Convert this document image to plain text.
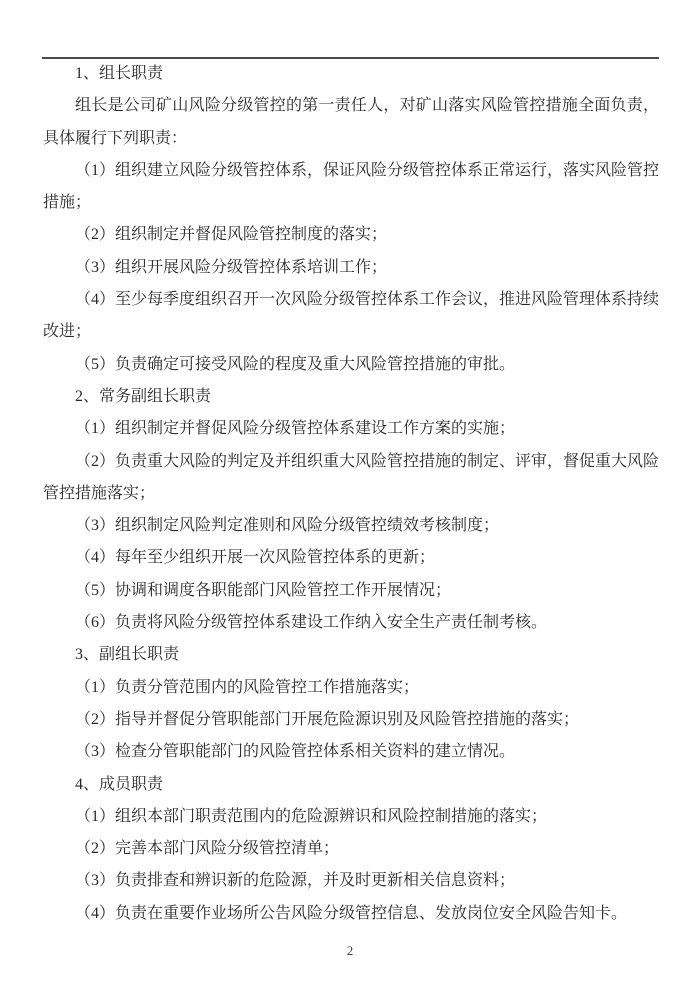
1、组长职责

组长是公司矿山风险分级管控的第一责任人，对矿山落实风险管控措施全面负责，具体履行下列职责：

（1）组织建立风险分级管控体系，保证风险分级管控体系正常运行，落实风险管控措施；

（2）组织制定并督促风险管控制度的落实；

（3）组织开展风险分级管控体系培训工作；

（4）至少每季度组织召开一次风险分级管控体系工作会议，推进风险管理体系持续改进；

（5）负责确定可接受风险的程度及重大风险管控措施的审批。

2、常务副组长职责

（1）组织制定并督促风险分级管控体系建设工作方案的实施；

（2）负责重大风险的判定及并组织重大风险管控措施的制定、评审，督促重大风险管控措施落实；

（3）组织制定风险判定准则和风险分级管控绩效考核制度；

（4）每年至少组织开展一次风险管控体系的更新；

（5）协调和调度各职能部门风险管控工作开展情况；

（6）负责将风险分级管控体系建设工作纳入安全生产责任制考核。

3、副组长职责

（1）负责分管范围内的风险管控工作措施落实；

（2）指导并督促分管职能部门开展危险源识别及风险管控措施的落实；

（3）检查分管职能部门的风险管控体系相关资料的建立情况。

4、成员职责

（1）组织本部门职责范围内的危险源辨识和风险控制措施的落实；

（2）完善本部门风险分级管控清单；

（3）负责排查和辨识新的危险源，并及时更新相关信息资料；

（4）负责在重要作业场所公告风险分级管控信息、发放岗位安全风险告知卡。

2
